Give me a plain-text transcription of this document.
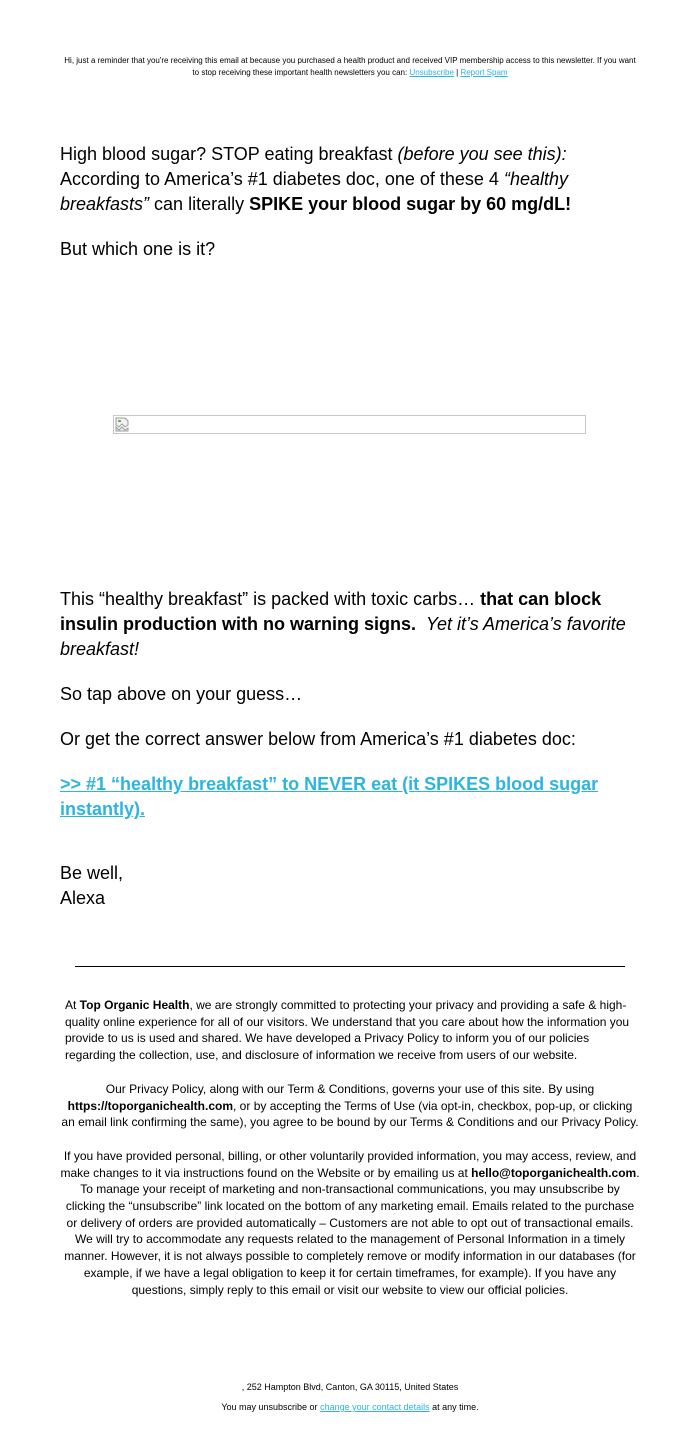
Hi, just a reminder that you're receiving this email at because you purchased a health product and received VIP membership access to this newsletter. If you want to stop receiving these important health newsletters you can: Unsubscribe | Report Spam

High blood sugar? STOP eating breakfast (before you see this):
According to America’s #1 diabetes doc, one of these 4 “healthy breakfasts” can literally SPIKE your blood sugar by 60 mg/dL!

But which one is it?

This “healthy breakfast” is packed with toxic carbs… that can block insulin production with no warning signs. Yet it’s America’s favorite breakfast!

So tap above on your guess…

Or get the correct answer below from America’s #1 diabetes doc:

>> #1 “healthy breakfast” to NEVER eat (it SPIKES blood sugar instantly).

Be well,
Alexa

At Top Organic Health, we are strongly committed to protecting your privacy and providing a safe & high-quality online experience for all of our visitors. We understand that you care about how the information you provide to us is used and shared. We have developed a Privacy Policy to inform you of our policies regarding the collection, use, and disclosure of information we receive from users of our website.

Our Privacy Policy, along with our Term & Conditions, governs your use of this site. By using https://toporganichealth.com, or by accepting the Terms of Use (via opt-in, checkbox, pop-up, or clicking an email link confirming the same), you agree to be bound by our Terms & Conditions and our Privacy Policy.

If you have provided personal, billing, or other voluntarily provided information, you may access, review, and make changes to it via instructions found on the Website or by emailing us at hello@toporganichealth.com. To manage your receipt of marketing and non-transactional communications, you may unsubscribe by clicking the “unsubscribe” link located on the bottom of any marketing email. Emails related to the purchase or delivery of orders are provided automatically – Customers are not able to opt out of transactional emails. We will try to accommodate any requests related to the management of Personal Information in a timely manner. However, it is not always possible to completely remove or modify information in our databases (for example, if we have a legal obligation to keep it for certain timeframes, for example). If you have any questions, simply reply to this email or visit our website to view our official policies.

, 252 Hampton Blvd, Canton, GA 30115, United States
You may unsubscribe or change your contact details at any time.
